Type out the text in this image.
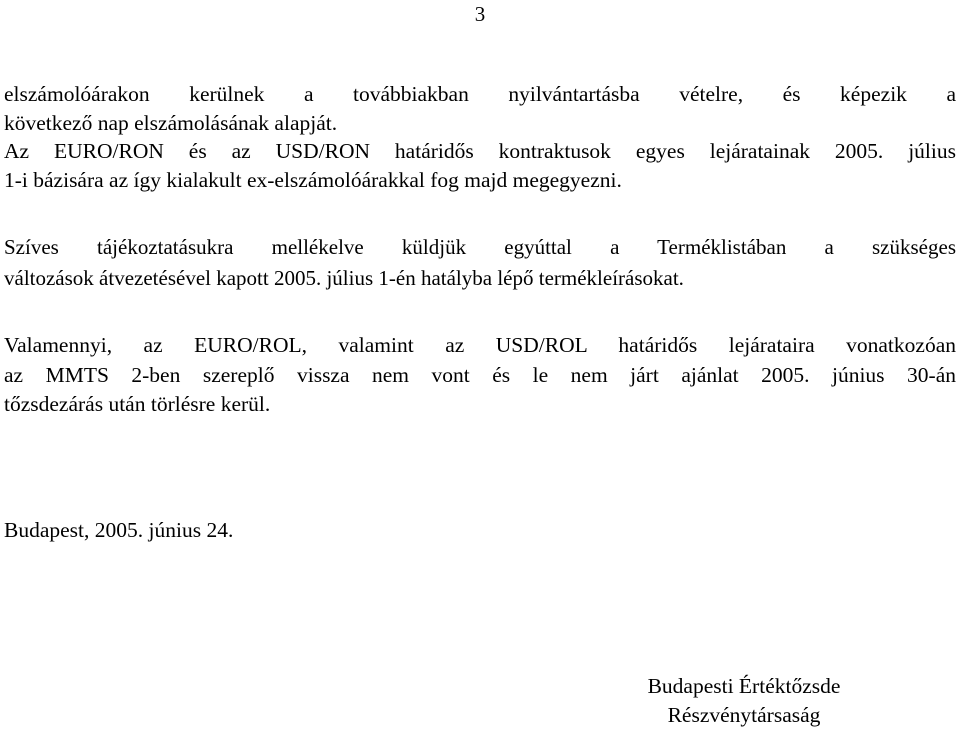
3
elszámolóárakon kerülnek a továbbiakban nyilvántartásba vételre, és képezik a
következő nap elszámolásának alapját.
Az EURO/RON és az USD/RON határidős kontraktusok egyes lejáratainak 2005. július
1-i bázisára az így kialakult ex-elszámolóárakkal fog majd megegyezni.
Szíves tájékoztatásukra mellékelve küldjük egyúttal a Terméklistában a szükséges
változások átvezetésével kapott 2005. július 1-én hatályba lépő termékleírásokat.
Valamennyi, az EURO/ROL, valamint az USD/ROL határidős lejárataira vonatkozóan
az MMTS 2-ben szereplő vissza nem vont és le nem járt ajánlat 2005. június 30-án
tőzsdezárás után törlésre kerül.
Budapest, 2005. június 24.
Budapesti Értéktőzsde
Részvénytársaság
